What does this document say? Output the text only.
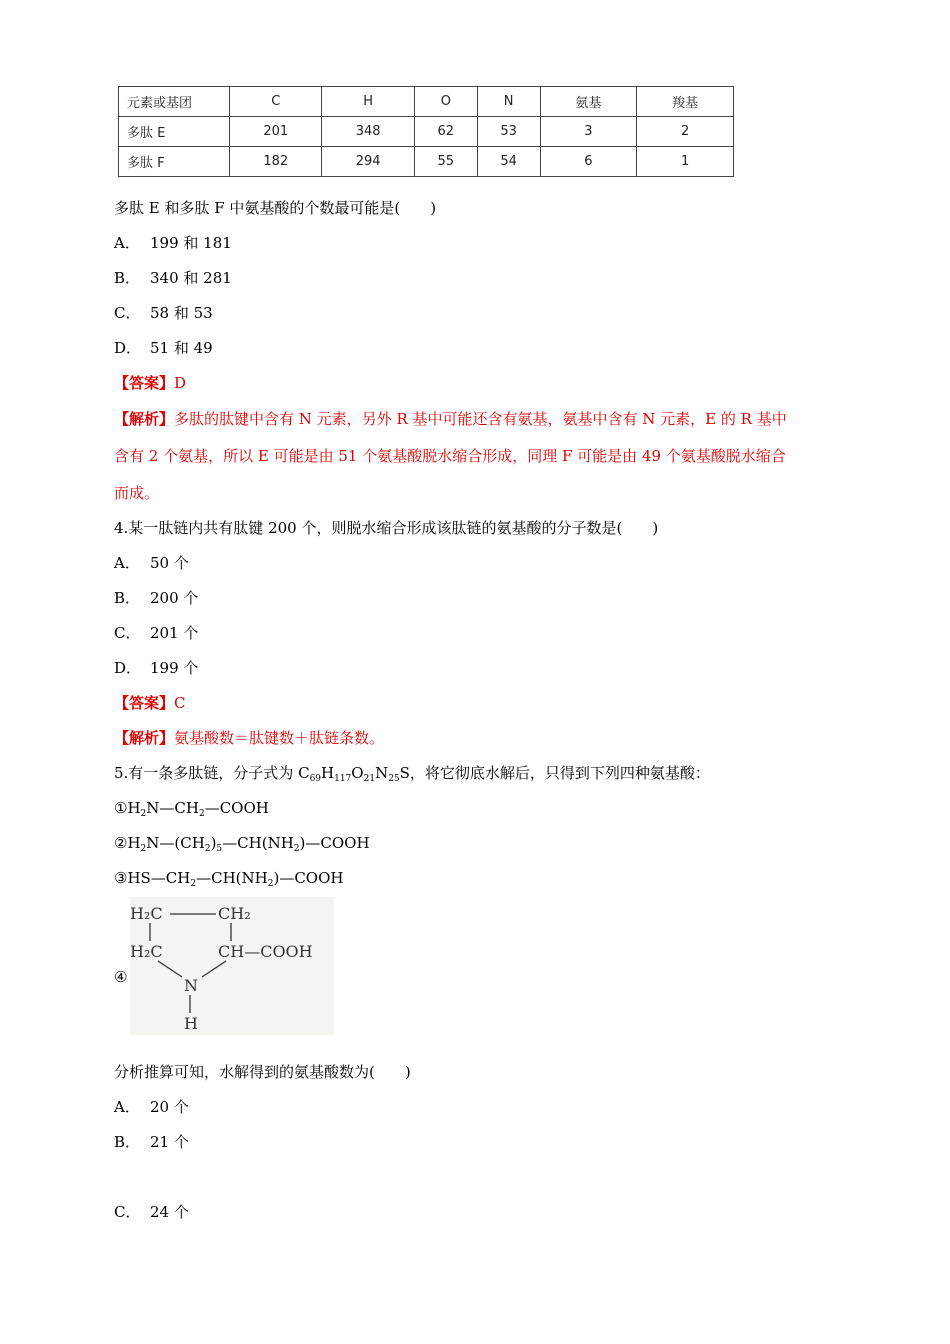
元素或基团	C	H	O	N	氨基	羧基
多肽 E	201	348	62	53	3	2
多肽 F	182	294	55	54	6	1
多肽 E 和多肽 F 中氨基酸的个数最可能是(　　)
A． 199 和 181
B． 340 和 281
C． 58 和 53
D． 51 和 49
【答案】D
【解析】多肽的肽键中含有 N 元素，另外 R 基中可能还含有氨基，氨基中含有 N 元素，E 的 R 基中
含有 2 个氨基，所以 E 可能是由 51 个氨基酸脱水缩合形成，同理 F 可能是由 49 个氨基酸脱水缩合
而成。
4.某一肽链内共有肽键 200 个，则脱水缩合形成该肽链的氨基酸的分子数是(　　)
A． 50 个
B． 200 个
C． 201 个
D． 199 个
【答案】C
【解析】氨基酸数＝肽键数＋肽链条数。
5.有一条多肽链，分子式为 $C_{69}H_{117}O_{21}N_{25}S$，将它彻底水解后，只得到下列四种氨基酸：
$①H_2N—CH_2—COOH$
$②H_2N—(CH_2)_5—CH(NH_2)—COOH$
$③HS—CH_2—CH(NH_2)—COOH$
④
H₂C	CH₂
H₂C	CH—COOH
N
H
分析推算可知，水解得到的氨基酸数为(　　)
A． 20 个
B． 21 个
C． 24 个
